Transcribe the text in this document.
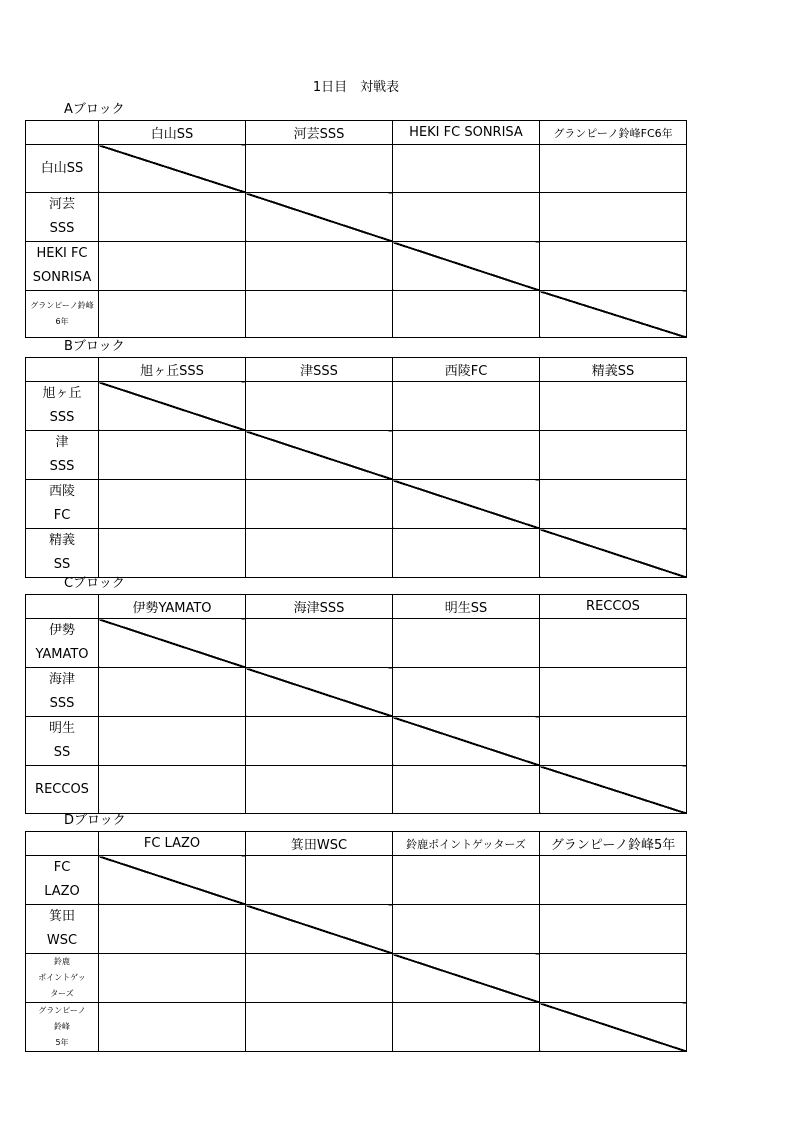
1日目　対戦表
Aブロック
	白山SS	河芸SSS	HEKI FC SONRISA	グランピーノ鈴峰FC6年
白山SS				

河芸
SSS				

HEKI FC
SONRISA				

グランピーノ鈴峰
6年				

Bブロック
	旭ヶ丘SSS	津SSS	西陵FC	精義SS

旭ヶ丘
SSS				

津
SSS				

西陵
FC				

精義
SS				

Cブロック
	伊勢YAMATO	海津SSS	明生SS	RECCOS

伊勢
YAMATO				

海津
SSS				

明生
SS				

RECCOS				
Dブロック
	FC LAZO	箕田WSC	鈴鹿ポイントゲッターズ	グランピーノ鈴峰5年

FC
LAZO				

箕田
WSC				

鈴鹿
ポイントゲッ
ターズ				

グランピーノ
鈴峰
5年				
